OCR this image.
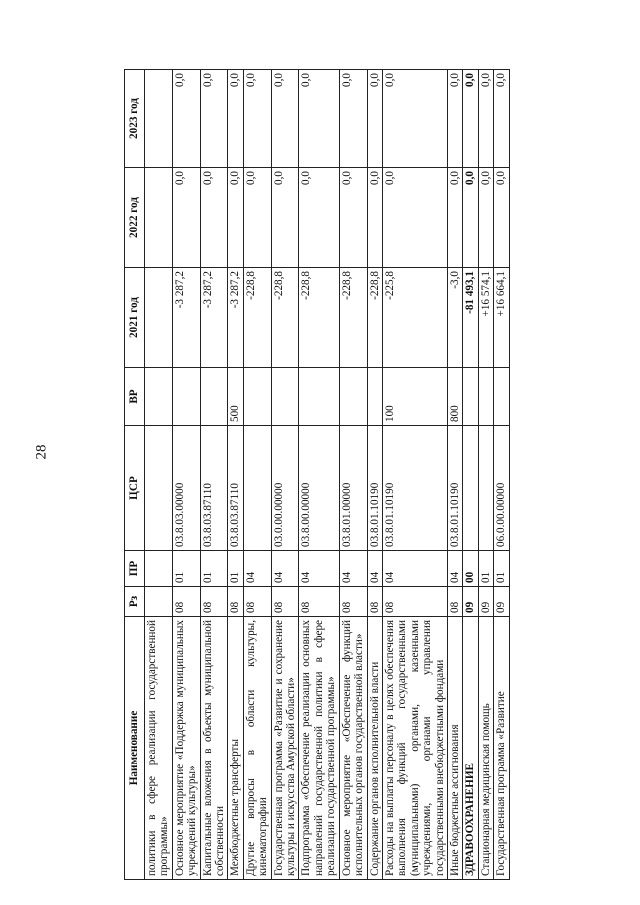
28
Наименование	Рз	ПР	ЦСР	ВР	2021 год	2022 год	2023 год
политики в сфере реализации государственной программы»							
Основное мероприятие «Поддержка муниципальных учреждений культуры»	08	01	03.8.03.00000		-3 287,2	0,0	0,0
Капитальные вложения в объекты муниципальной собственности	08	01	03.8.03.87110		-3 287,2	0,0	0,0
Межбюджетные трансферты	08	01	03.8.03.87110	500	-3 287,2	0,0	0,0
Другие вопросы в области культуры, кинематографии	08	04			-228,8	0,0	0,0
Государственная программа «Развитие и сохранение культуры и искусства Амурской области»	08	04	03.0.00.00000		-228,8	0,0	0,0
Подпрограмма «Обеспечение реализации основных направлений государственной политики в сфере реализации государственной программы»	08	04	03.8.00.00000		-228,8	0,0	0,0
Основное мероприятие «Обеспечение функций исполнительных органов государственной власти»	08	04	03.8.01.00000		-228,8	0,0	0,0
Содержание органов исполнительной власти	08	04	03.8.01.10190		-228,8	0,0	0,0
Расходы на выплаты персоналу в целях обеспечения выполнения функций государственными (муниципальными) органами, казенными учреждениями, органами управления государственными внебюджетными фондами	08	04	03.8.01.10190	100	-225,8	0,0	0,0
Иные бюджетные ассигнования	08	04	03.8.01.10190	800	-3,0	0,0	0,0
ЗДРАВООХРАНЕНИЕ	09	00			-81 493,1	0,0	0,0
Стационарная медицинская помощь	09	01			+16 574,1	0,0	0,0
Государственная программа «Развитие	09	01	06.0.00.00000		+16 664,1	0,0	0,0
